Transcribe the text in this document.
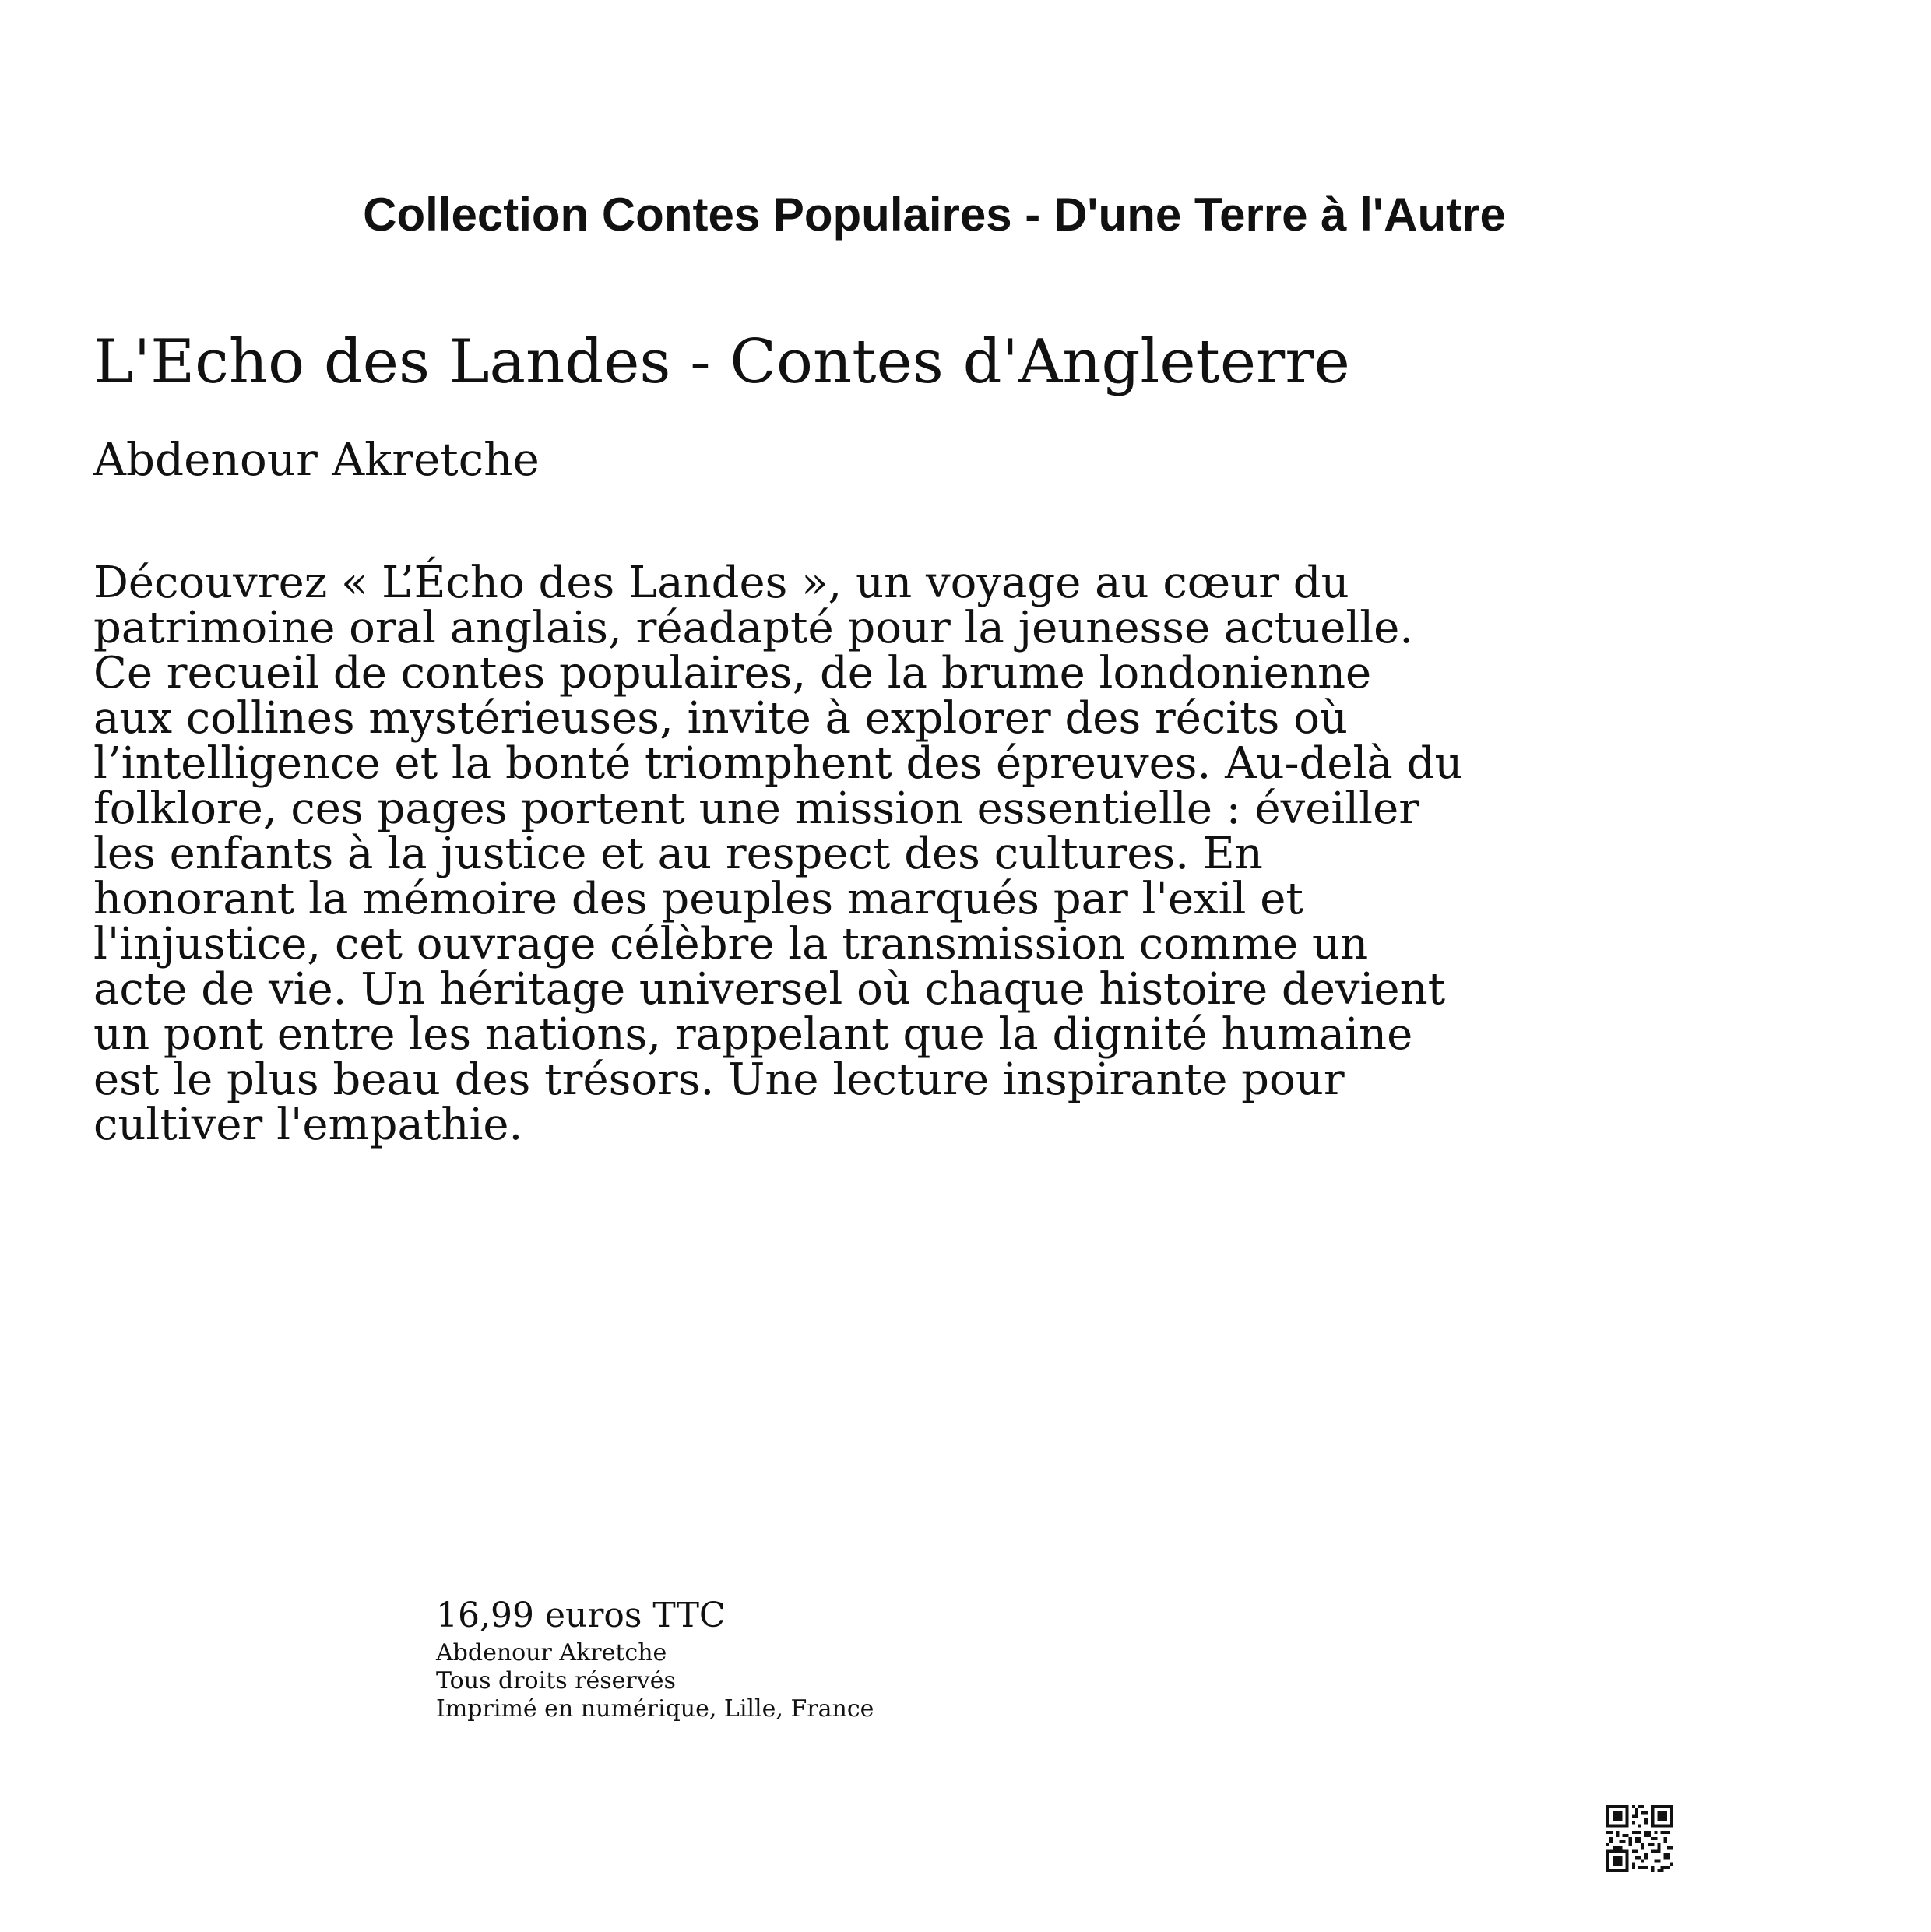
Collection Contes Populaires - D'une Terre à l'Autre
L'Echo des Landes - Contes d'Angleterre
Abdenour Akretche
Découvrez « L’Écho des Landes », un voyage au cœur du patrimoine oral anglais, réadapté pour la jeunesse actuelle. Ce recueil de contes populaires, de la brume londonienne aux collines mystérieuses, invite à explorer des récits où l’intelligence et la bonté triomphent des épreuves. Au-delà du folklore, ces pages portent une mission essentielle : éveiller les enfants à la justice et au respect des cultures. En honorant la mémoire des peuples marqués par l'exil et l'injustice, cet ouvrage célèbre la transmission comme un acte de vie. Un héritage universel où chaque histoire devient un pont entre les nations, rappelant que la dignité humaine est le plus beau des trésors. Une lecture inspirante pour cultiver l'empathie.
16,99 euros TTC
Abdenour Akretche
Tous droits réservés
Imprimé en numérique, Lille, France
